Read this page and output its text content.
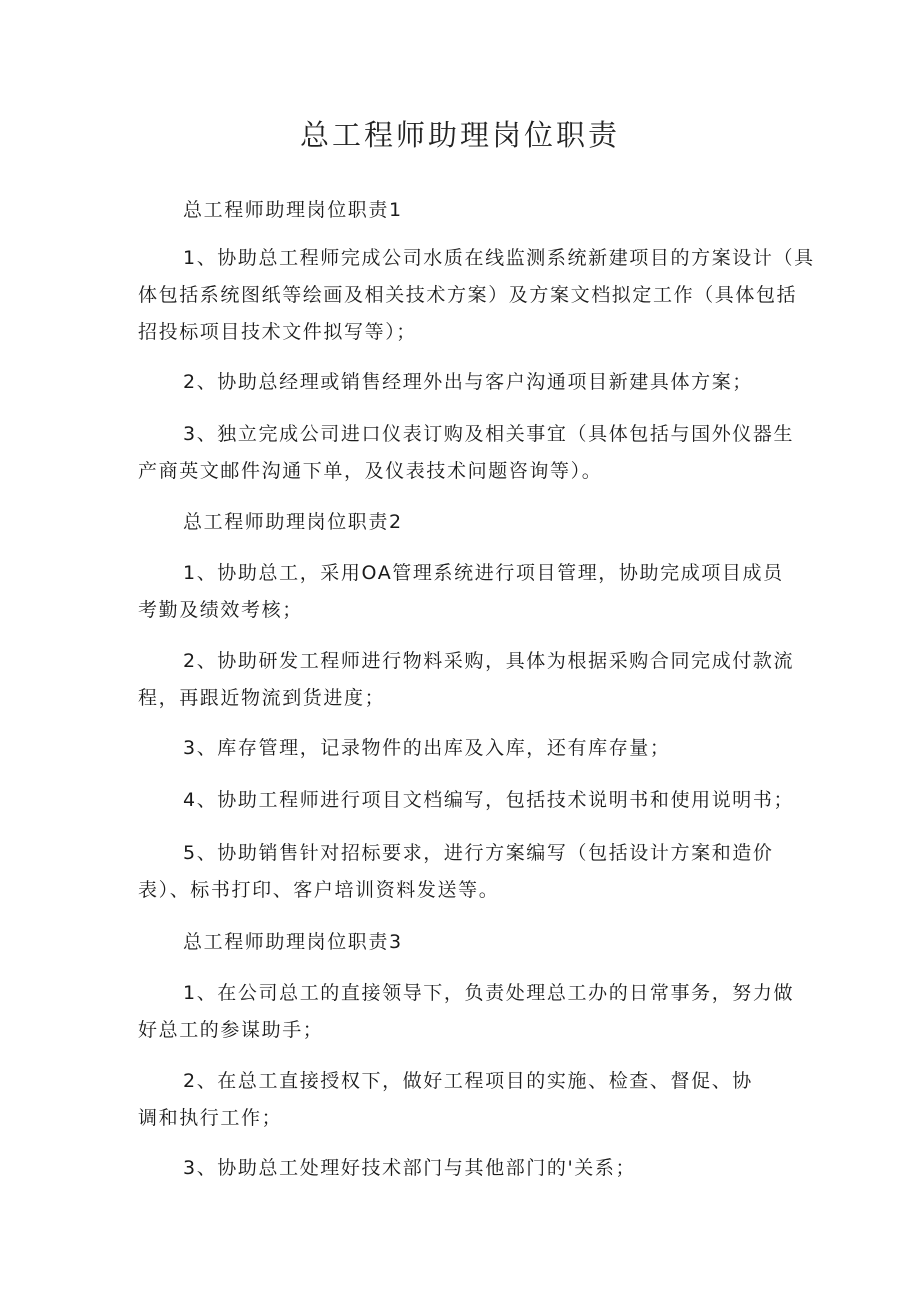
总工程师助理岗位职责
总工程师助理岗位职责1
1、协助总工程师完成公司水质在线监测系统新建项目的方案设计（具
体包括系统图纸等绘画及相关技术方案）及方案文档拟定工作（具体包括
招投标项目技术文件拟写等）；
2、协助总经理或销售经理外出与客户沟通项目新建具体方案；
3、独立完成公司进口仪表订购及相关事宜（具体包括与国外仪器生
产商英文邮件沟通下单，及仪表技术问题咨询等）。
总工程师助理岗位职责2
1、协助总工，采用OA管理系统进行项目管理，协助完成项目成员
考勤及绩效考核；
2、协助研发工程师进行物料采购，具体为根据采购合同完成付款流
程，再跟近物流到货进度；
3、库存管理，记录物件的出库及入库，还有库存量；
4、协助工程师进行项目文档编写，包括技术说明书和使用说明书；
5、协助销售针对招标要求，进行方案编写（包括设计方案和造价
表）、标书打印、客户培训资料发送等。
总工程师助理岗位职责3
1、在公司总工的直接领导下，负责处理总工办的日常事务，努力做
好总工的参谋助手；
2、在总工直接授权下，做好工程项目的实施、检查、督促、协
调和执行工作；
3、协助总工处理好技术部门与其他部门的'关系；
